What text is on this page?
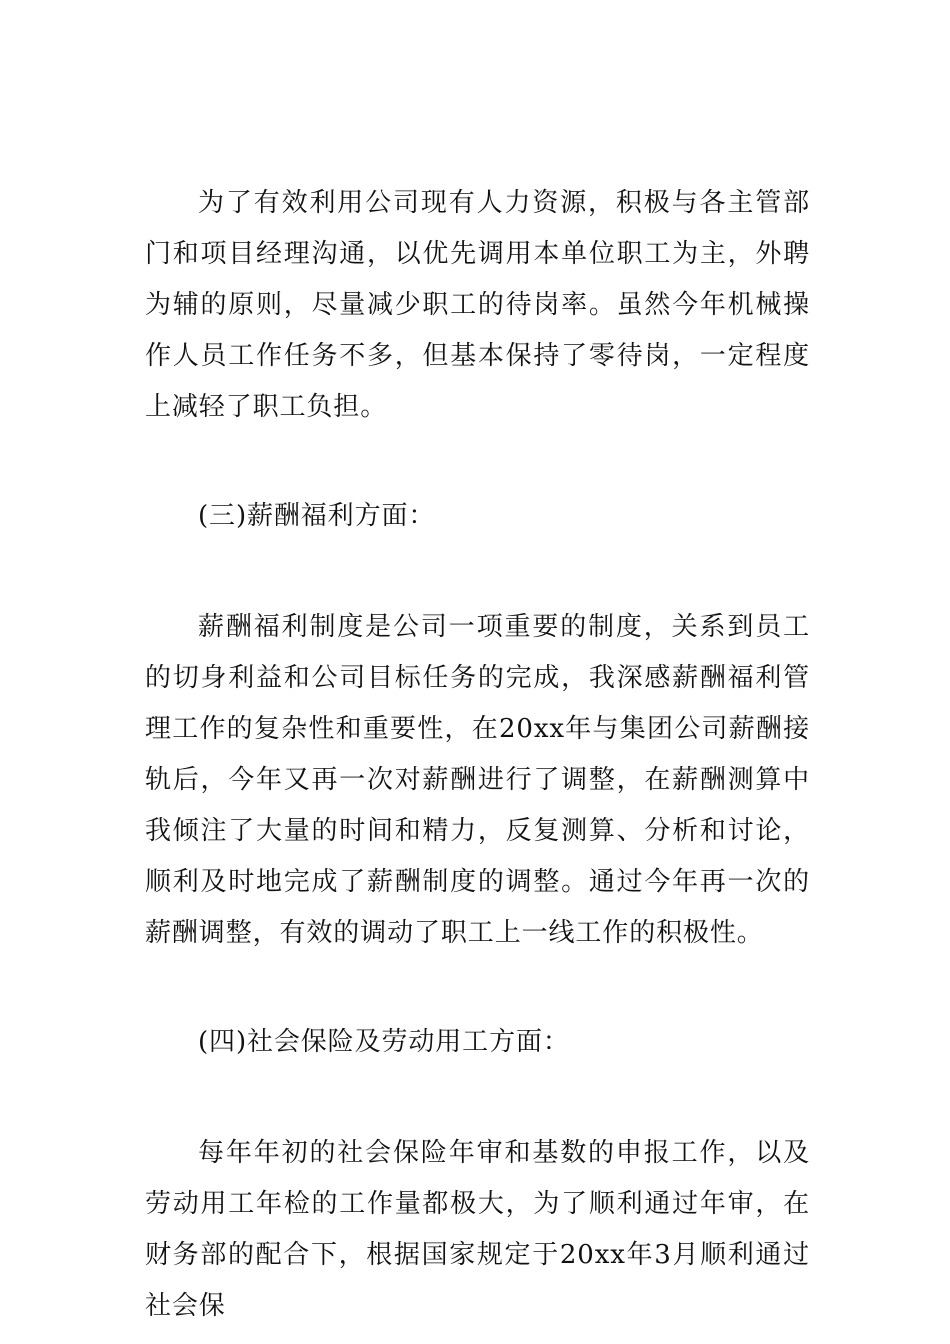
为了有效利用公司现有人力资源，积极与各主管部门和项目经理沟通，以优先调用本单位职工为主，外聘为辅的原则，尽量减少职工的待岗率。虽然今年机械操作人员工作任务不多，但基本保持了零待岗，一定程度上减轻了职工负担。

(三)薪酬福利方面：

薪酬福利制度是公司一项重要的制度，关系到员工的切身利益和公司目标任务的完成，我深感薪酬福利管理工作的复杂性和重要性，在20xx年与集团公司薪酬接轨后，今年又再一次对薪酬进行了调整，在薪酬测算中我倾注了大量的时间和精力，反复测算、分析和讨论，顺利及时地完成了薪酬制度的调整。通过今年再一次的薪酬调整，有效的调动了职工上一线工作的积极性。

(四)社会保险及劳动用工方面：

每年年初的社会保险年审和基数的申报工作，以及劳动用工年检的工作量都极大，为了顺利通过年审，在财务部的配合下，根据国家规定于20xx年3月顺利通过社会保
